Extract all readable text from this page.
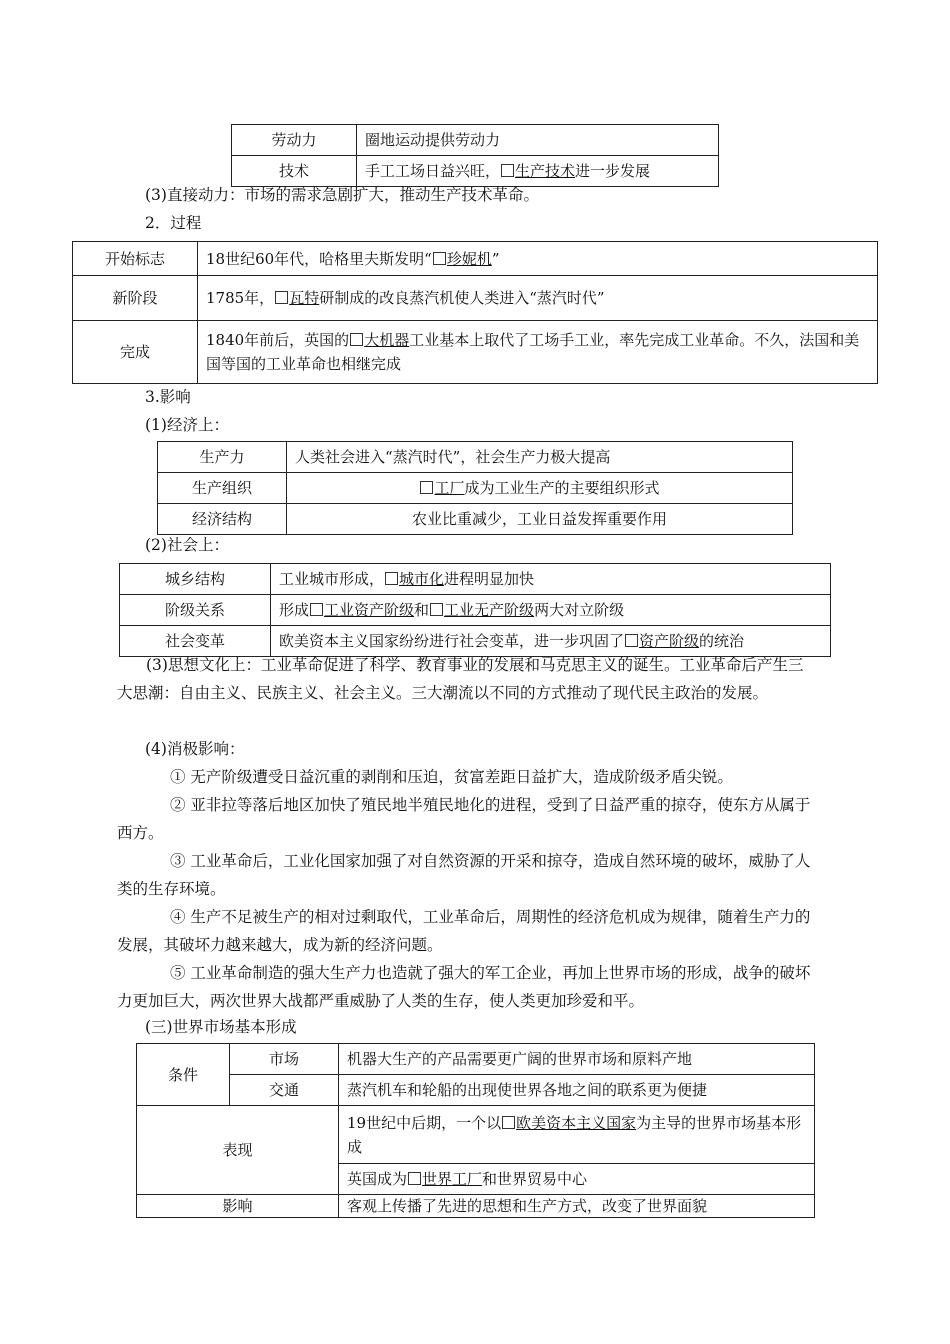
劳动力	圈地运动提供劳动力
技术	手工工场日益兴旺， 生产技术进一步发展
(3)直接动力：市场的需求急剧扩大，推动生产技术革命。
2．过程
开始标志	18世纪60年代，哈格里夫斯发明“ 珍妮机”
新阶段	1785年， 瓦特研制成的改良蒸汽机使人类进入“蒸汽时代”
完成	1840年前后，英国的 大机器工业基本上取代了工场手工业，率先完成工业革命。不久，法国和美国等国的工业革命也相继完成
3.影响
(1)经济上：
生产力	人类社会进入“蒸汽时代”，社会生产力极大提高
生产组织	工厂成为工业生产的主要组织形式
经济结构	农业比重减少，工业日益发挥重要作用
(2)社会上：
城乡结构	工业城市形成， 城市化进程明显加快
阶级关系	形成 工业资产阶级和 工业无产阶级两大对立阶级
社会变革	欧美资本主义国家纷纷进行社会变革，进一步巩固了 资产阶级的统治
(3)思想文化上：工业革命促进了科学、教育事业的发展和马克思主义的诞生。工业革命后产生三大思潮：自由主义、民族主义、社会主义。三大潮流以不同的方式推动了现代民主政治的发展。
(4)消极影响：
① 无产阶级遭受日益沉重的剥削和压迫，贫富差距日益扩大，造成阶级矛盾尖锐。
② 亚非拉等落后地区加快了殖民地半殖民地化的进程，受到了日益严重的掠夺，使东方从属于西方。
③ 工业革命后，工业化国家加强了对自然资源的开采和掠夺，造成自然环境的破坏，威胁了人类的生存环境。
④ 生产不足被生产的相对过剩取代，工业革命后，周期性的经济危机成为规律，随着生产力的发展，其破坏力越来越大，成为新的经济问题。
⑤ 工业革命制造的强大生产力也造就了强大的军工企业，再加上世界市场的形成，战争的破坏力更加巨大，两次世界大战都严重威胁了人类的生存，使人类更加珍爱和平。
(三)世界市场基本形成
条件	市场	机器大生产的产品需要更广阔的世界市场和原料产地
	交通	蒸汽机车和轮船的出现使世界各地之间的联系更为便捷
表现		19世纪中后期，一个以 欧美资本主义国家为主导的世界市场基本形成
		英国成为 世界工厂和世界贸易中心
影响		客观上传播了先进的思想和生产方式，改变了世界面貌
